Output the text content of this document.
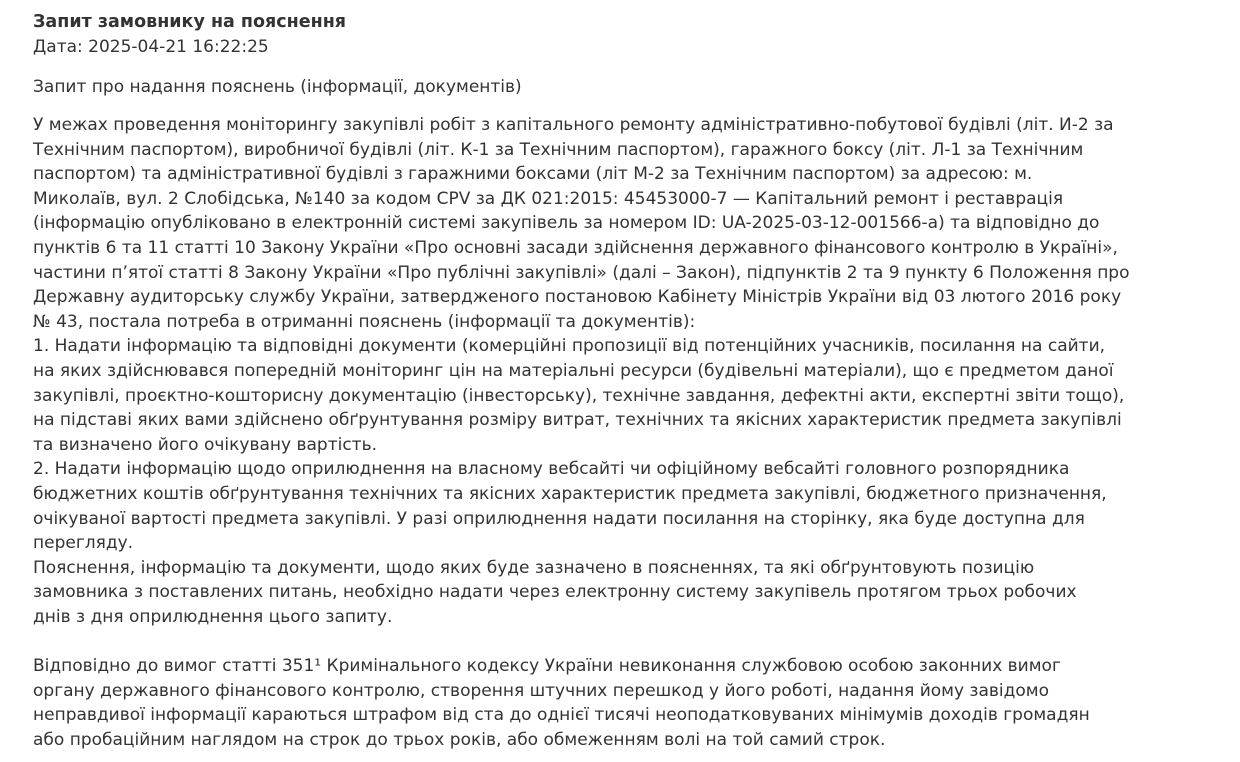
Запит замовнику на пояснення
Дата: 2025-04-21 16:22:25
Запит про надання пояснень (інформації, документів)
У межах проведення моніторингу закупівлі робіт з капітального ремонту адміністративно-побутової будівлі (літ. И-2 за
Технічним паспортом), виробничої будівлі (літ. К-1 за Технічним паспортом), гаражного боксу (літ. Л-1 за Технічним
паспортом) та адміністративної будівлі з гаражними боксами (літ М-2 за Технічним паспортом) за адресою: м.
Миколаїв, вул. 2 Слобідська, №140 за кодом CPV за ДК 021:2015: 45453000-7 — Капітальний ремонт і реставрація
(інформацію опубліковано в електронній системі закупівель за номером ID: UA-2025-03-12-001566-a) та відповідно до
пунктів 6 та 11 статті 10 Закону України «Про основні засади здійснення державного фінансового контролю в Україні»,
частини п’ятої статті 8 Закону України «Про публічні закупівлі» (далі – Закон), підпунктів 2 та 9 пункту 6 Положення про
Державну аудиторську службу України, затвердженого постановою Кабінету Міністрів України від 03 лютого 2016 року
№ 43, постала потреба в отриманні пояснень (інформації та документів):
1. Надати інформацію та відповідні документи (комерційні пропозиції від потенційних учасників, посилання на сайти,
на яких здійснювався попередній моніторинг цін на матеріальні ресурси (будівельні матеріали), що є предметом даної
закупівлі, проєктно-кошторисну документацію (інвесторську), технічне завдання, дефектні акти, експертні звіти тощо),
на підставі яких вами здійснено обґрунтування розміру витрат, технічних та якісних характеристик предмета закупівлі
та визначено його очікувану вартість.
2. Надати інформацію щодо оприлюднення на власному вебсайті чи офіційному вебсайті головного розпорядника
бюджетних коштів обґрунтування технічних та якісних характеристик предмета закупівлі, бюджетного призначення,
очікуваної вартості предмета закупівлі. У разі оприлюднення надати посилання на сторінку, яка буде доступна для
перегляду.
Пояснення, інформацію та документи, щодо яких буде зазначено в поясненнях, та які обґрунтовують позицію
замовника з поставлених питань, необхідно надати через електронну систему закупівель протягом трьох робочих
днів з дня оприлюднення цього запиту.
Відповідно до вимог статті 351¹ Кримінального кодексу України невиконання службовою особою законних вимог
органу державного фінансового контролю, створення штучних перешкод у його роботі, надання йому завідомо
неправдивої інформації караються штрафом від ста до однієї тисячі неоподатковуваних мінімумів доходів громадян
або пробаційним наглядом на строк до трьох років, або обмеженням волі на той самий строк.
